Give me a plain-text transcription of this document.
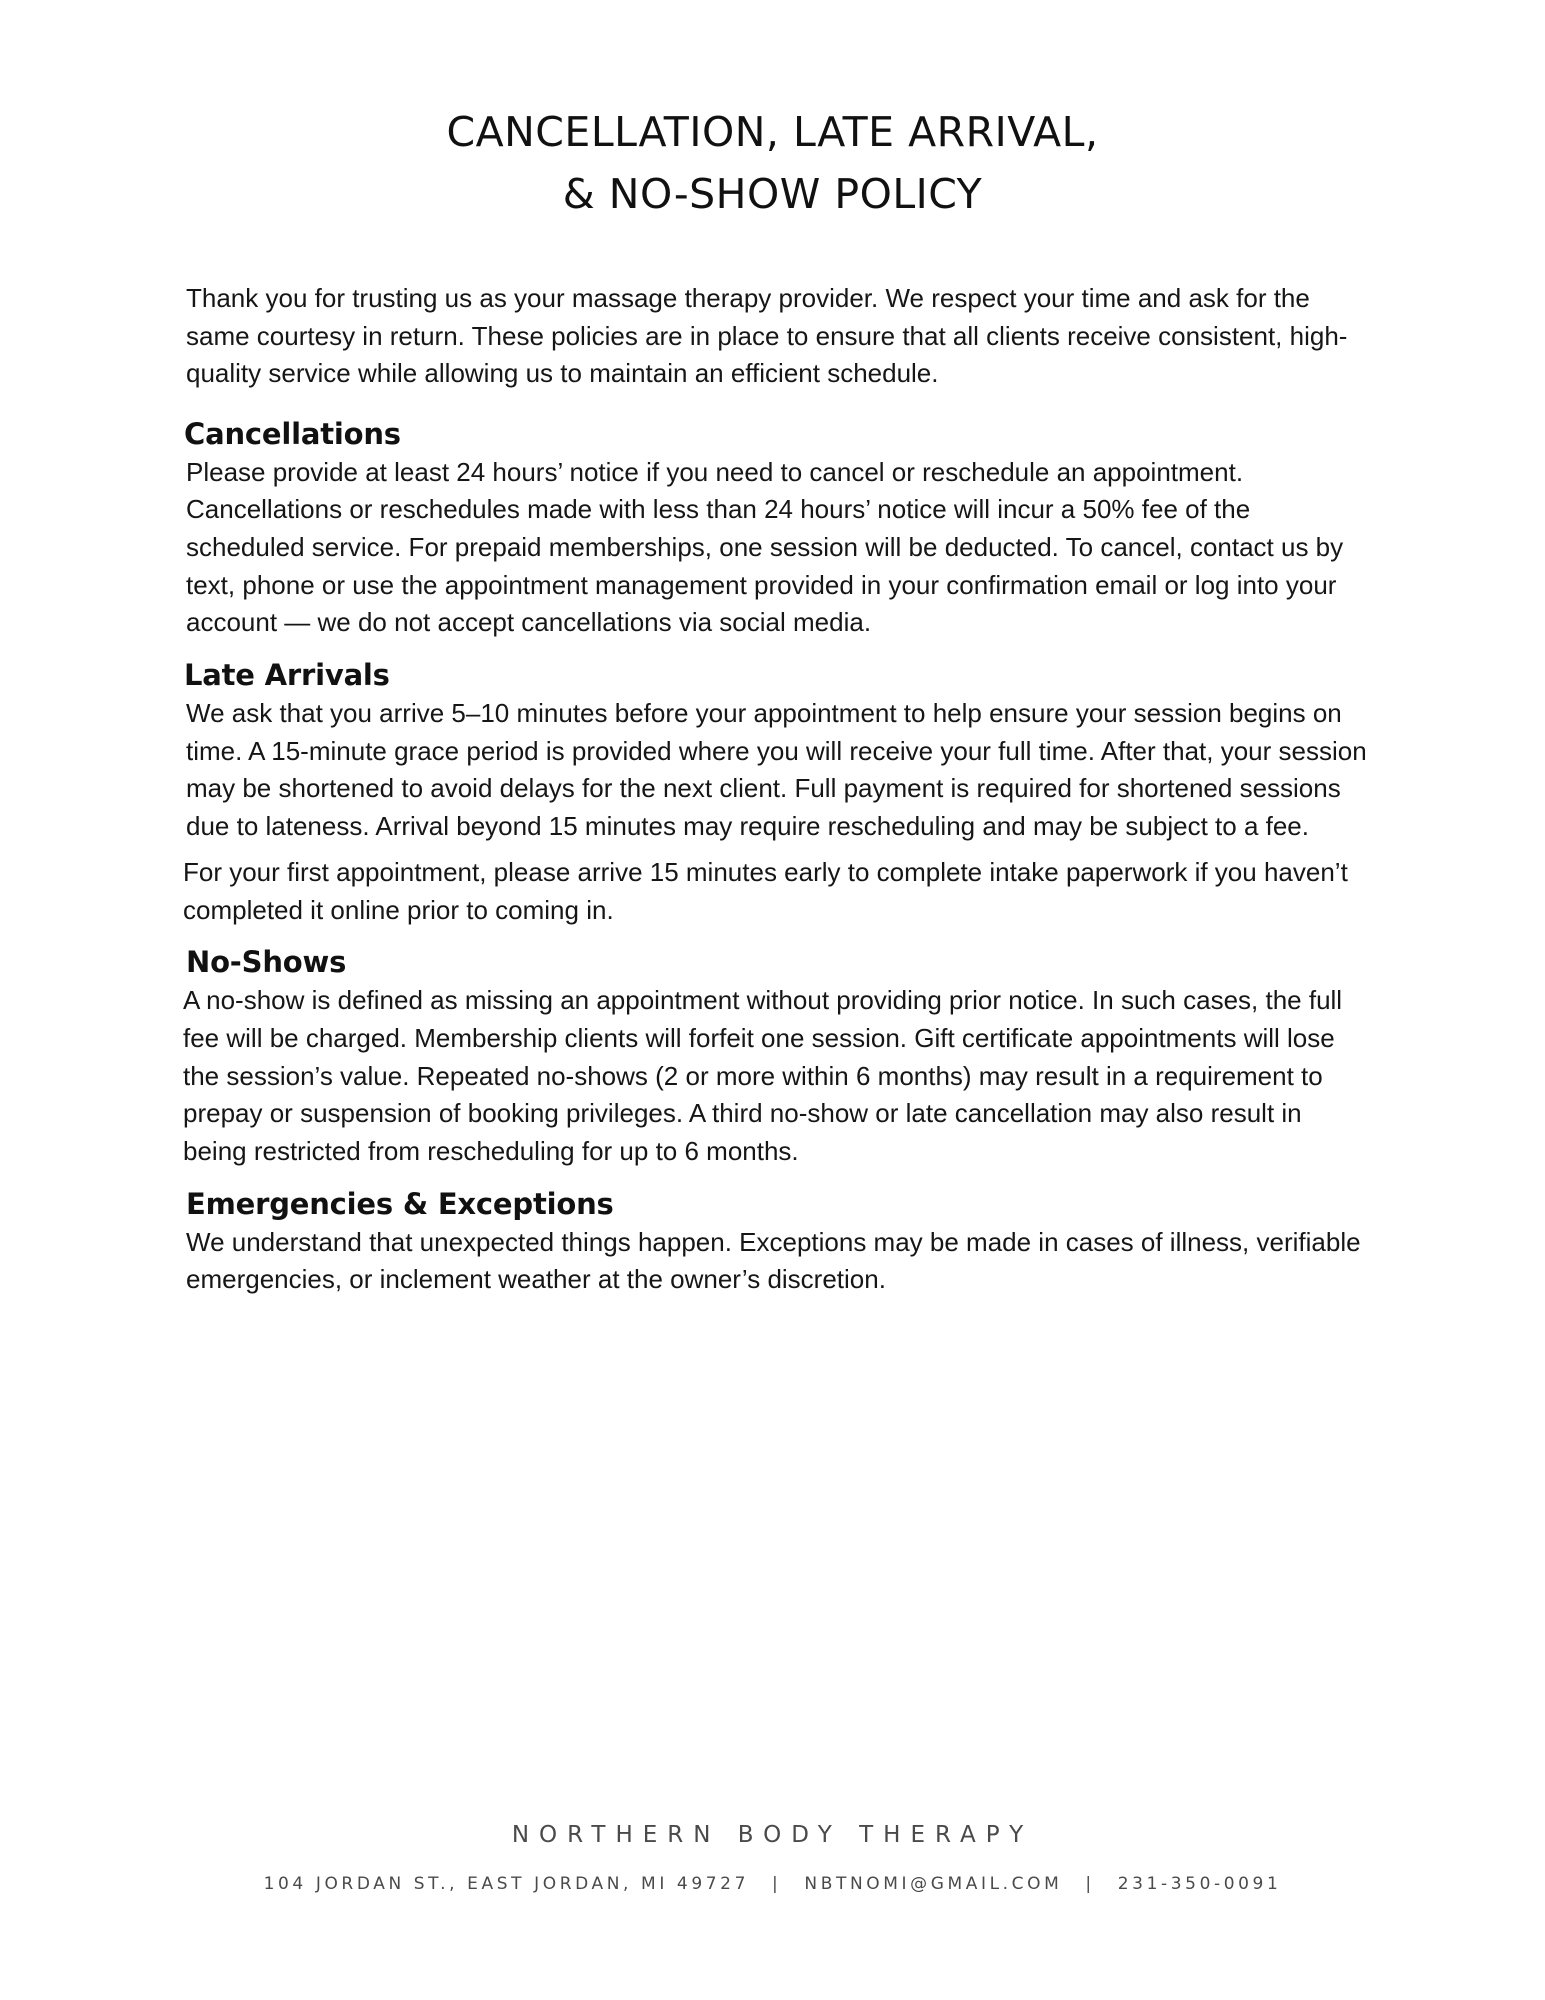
CANCELLATION, LATE ARRIVAL,
& NO-SHOW POLICY

Thank you for trusting us as your massage therapy provider. We respect your time and ask for the same courtesy in return. These policies are in place to ensure that all clients receive consistent, high-quality service while allowing us to maintain an efficient schedule.

Cancellations

Please provide at least 24 hours’ notice if you need to cancel or reschedule an appointment. Cancellations or reschedules made with less than 24 hours’ notice will incur a 50% fee of the scheduled service. For prepaid memberships, one session will be deducted. To cancel, contact us by text, phone or use the appointment management provided in your confirmation email or log into your account — we do not accept cancellations via social media.

Late Arrivals

We ask that you arrive 5–10 minutes before your appointment to help ensure your session begins on time. A 15-minute grace period is provided where you will receive your full time. After that, your session may be shortened to avoid delays for the next client. Full payment is required for shortened sessions due to lateness. Arrival beyond 15 minutes may require rescheduling and may be subject to a fee.

For your first appointment, please arrive 15 minutes early to complete intake paperwork if you haven’t completed it online prior to coming in.

No-Shows

A no-show is defined as missing an appointment without providing prior notice. In such cases, the full fee will be charged. Membership clients will forfeit one session. Gift certificate appointments will lose the session’s value. Repeated no-shows (2 or more within 6 months) may result in a requirement to prepay or suspension of booking privileges. A third no-show or late cancellation may also result in being restricted from rescheduling for up to 6 months.

Emergencies & Exceptions

We understand that unexpected things happen. Exceptions may be made in cases of illness, verifiable emergencies, or inclement weather at the owner’s discretion.

NORTHERN BODY THERAPY
104 JORDAN ST., EAST JORDAN, MI 49727 | NBTNOMI@GMAIL.COM | 231-350-0091
